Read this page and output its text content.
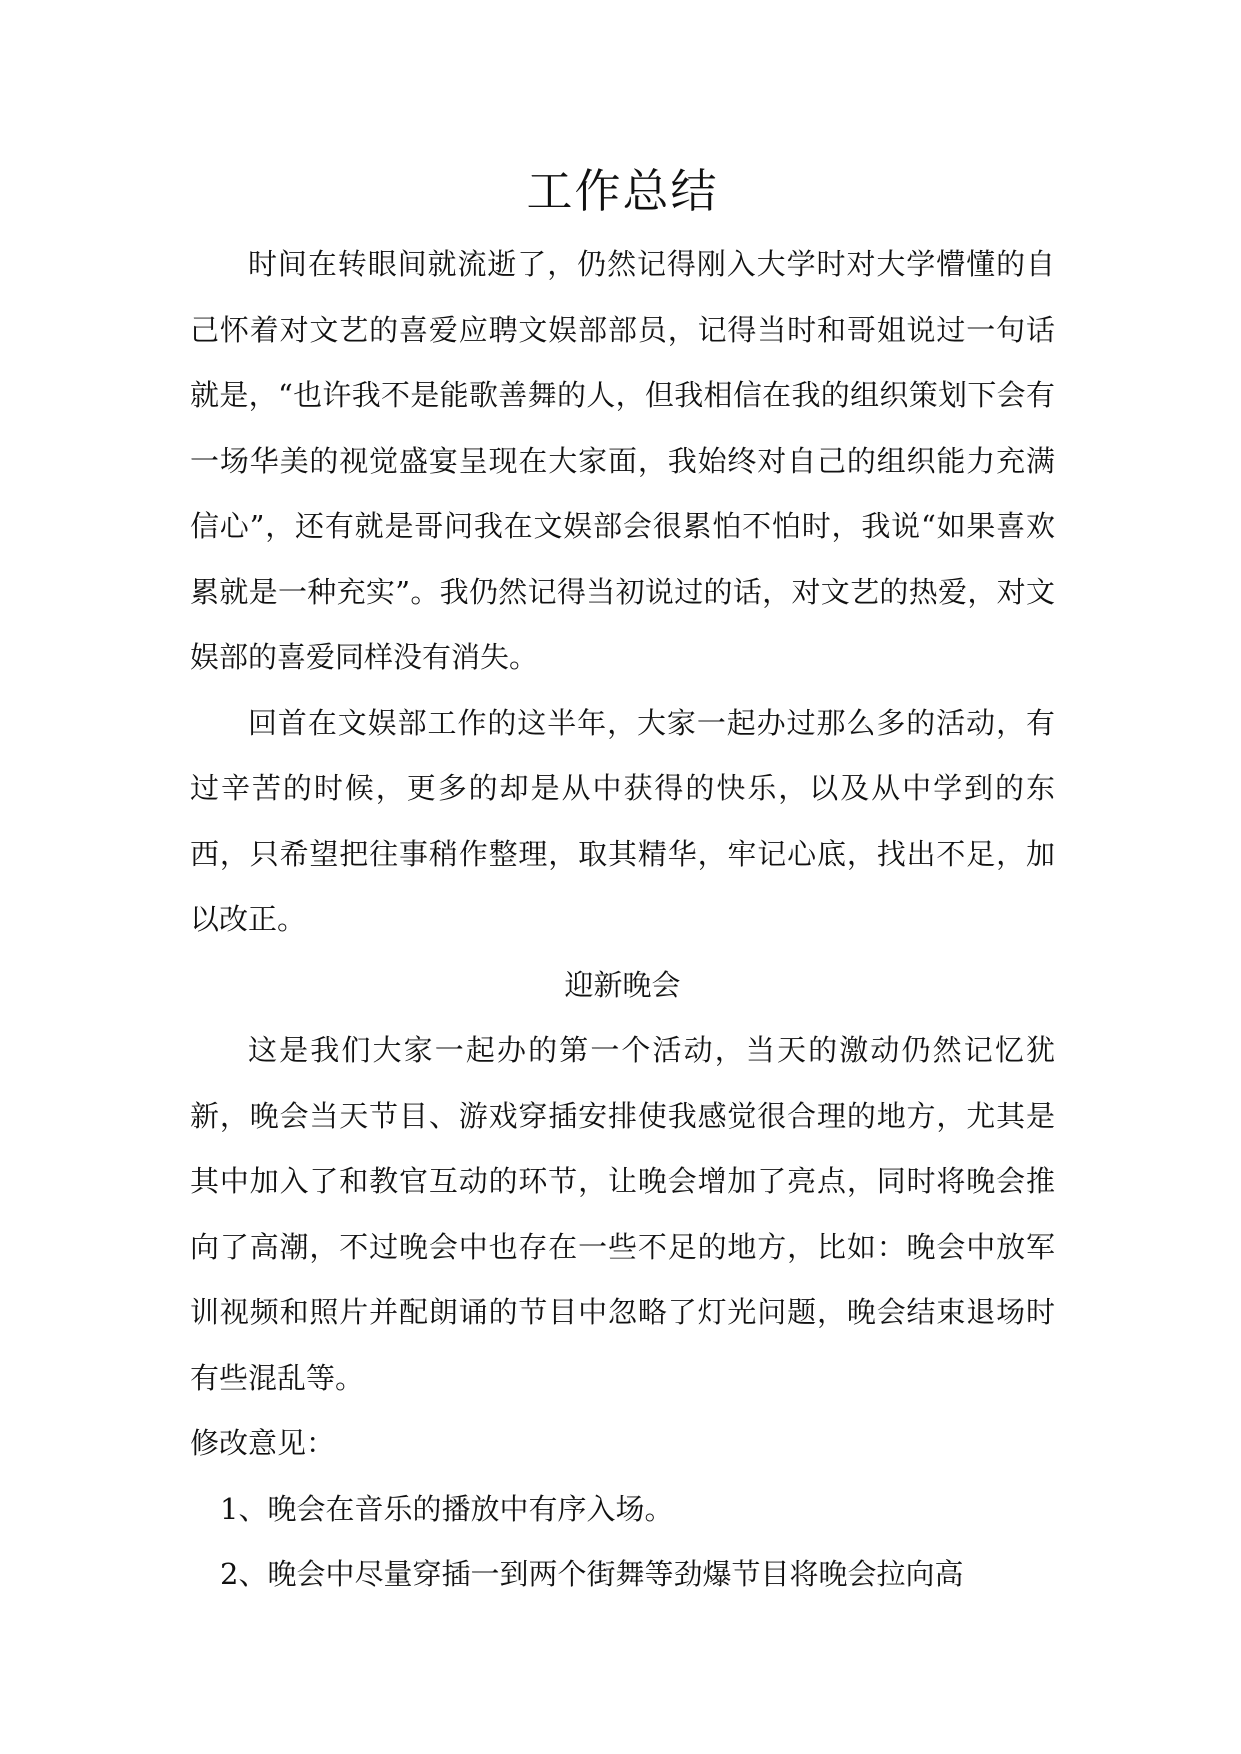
工作总结

时间在转眼间就流逝了，仍然记得刚入大学时对大学懵懂的自己怀着对文艺的喜爱应聘文娱部部员，记得当时和哥姐说过一句话就是，“也许我不是能歌善舞的人，但我相信在我的组织策划下会有一场华美的视觉盛宴呈现在大家面，我始终对自己的组织能力充满信心”，还有就是哥问我在文娱部会很累怕不怕时，我说“如果喜欢累就是一种充实”。我仍然记得当初说过的话，对文艺的热爱，对文娱部的喜爱同样没有消失。

回首在文娱部工作的这半年，大家一起办过那么多的活动，有过辛苦的时候，更多的却是从中获得的快乐，以及从中学到的东西，只希望把往事稍作整理，取其精华，牢记心底，找出不足，加以改正。

迎新晚会

这是我们大家一起办的第一个活动，当天的激动仍然记忆犹新，晚会当天节目、游戏穿插安排使我感觉很合理的地方，尤其是其中加入了和教官互动的环节，让晚会增加了亮点，同时将晚会推向了高潮，不过晚会中也存在一些不足的地方，比如：晚会中放军训视频和照片并配朗诵的节目中忽略了灯光问题，晚会结束退场时有些混乱等。

修改意见：

1、晚会在音乐的播放中有序入场。
2、晚会中尽量穿插一到两个街舞等劲爆节目将晚会拉向高
